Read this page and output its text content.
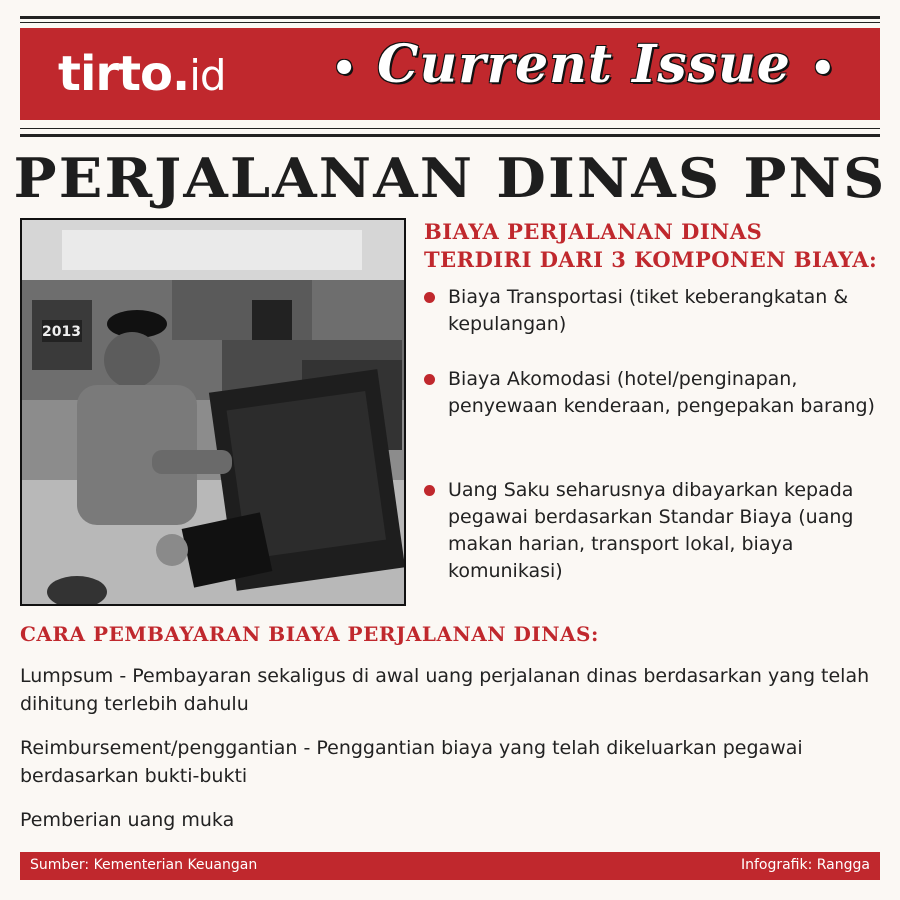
tirto.id	• Current Issue •
PERJALANAN DINAS PNS
2013
BIAYA PERJALANAN DINAS
TERDIRI DARI 3 KOMPONEN BIAYA:
Biaya Transportasi (tiket keberangkatan & kepulangan)
Biaya Akomodasi (hotel/penginapan, penyewaan kenderaan, pengepakan barang)
Uang Saku seharusnya dibayarkan kepada pegawai berdasarkan Standar Biaya (uang makan harian, transport lokal, biaya komunikasi)
CARA PEMBAYARAN BIAYA PERJALANAN DINAS:
Lumpsum - Pembayaran sekaligus di awal uang perjalanan dinas berdasarkan yang telah dihitung terlebih dahulu
Reimbursement/penggantian - Penggantian biaya yang telah dikeluarkan pegawai berdasarkan bukti-bukti
Pemberian uang muka
Sumber: Kementerian Keuangan	Infografik: Rangga
